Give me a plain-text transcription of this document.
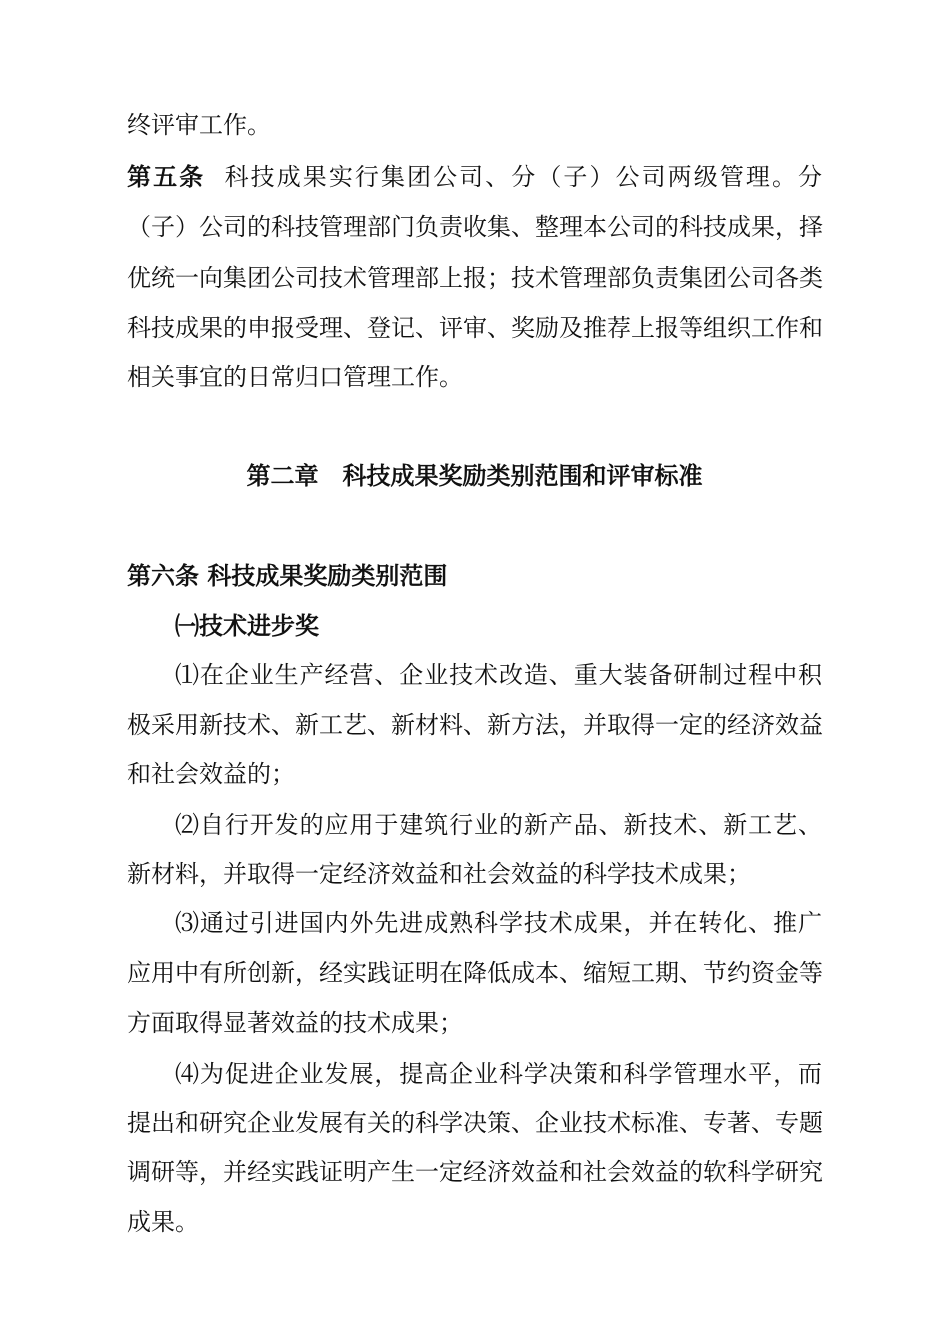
终评审工作。
第五条 科技成果实行集团公司、分（子）公司两级管理。分
（子）公司的科技管理部门负责收集、整理本公司的科技成果，择
优统一向集团公司技术管理部上报；技术管理部负责集团公司各类
科技成果的申报受理、登记、评审、奖励及推荐上报等组织工作和
相关事宜的日常归口管理工作。
第二章　科技成果奖励类别范围和评审标准
第六条 科技成果奖励类别范围
㈠技术进步奖
⑴在企业生产经营、企业技术改造、重大装备研制过程中积
极采用新技术、新工艺、新材料、新方法，并取得一定的经济效益
和社会效益的；
⑵自行开发的应用于建筑行业的新产品、新技术、新工艺、
新材料，并取得一定经济效益和社会效益的科学技术成果；
⑶通过引进国内外先进成熟科学技术成果，并在转化、推广
应用中有所创新，经实践证明在降低成本、缩短工期、节约资金等
方面取得显著效益的技术成果；
⑷为促进企业发展，提高企业科学决策和科学管理水平，而
提出和研究企业发展有关的科学决策、企业技术标准、专著、专题
调研等，并经实践证明产生一定经济效益和社会效益的软科学研究
成果。
